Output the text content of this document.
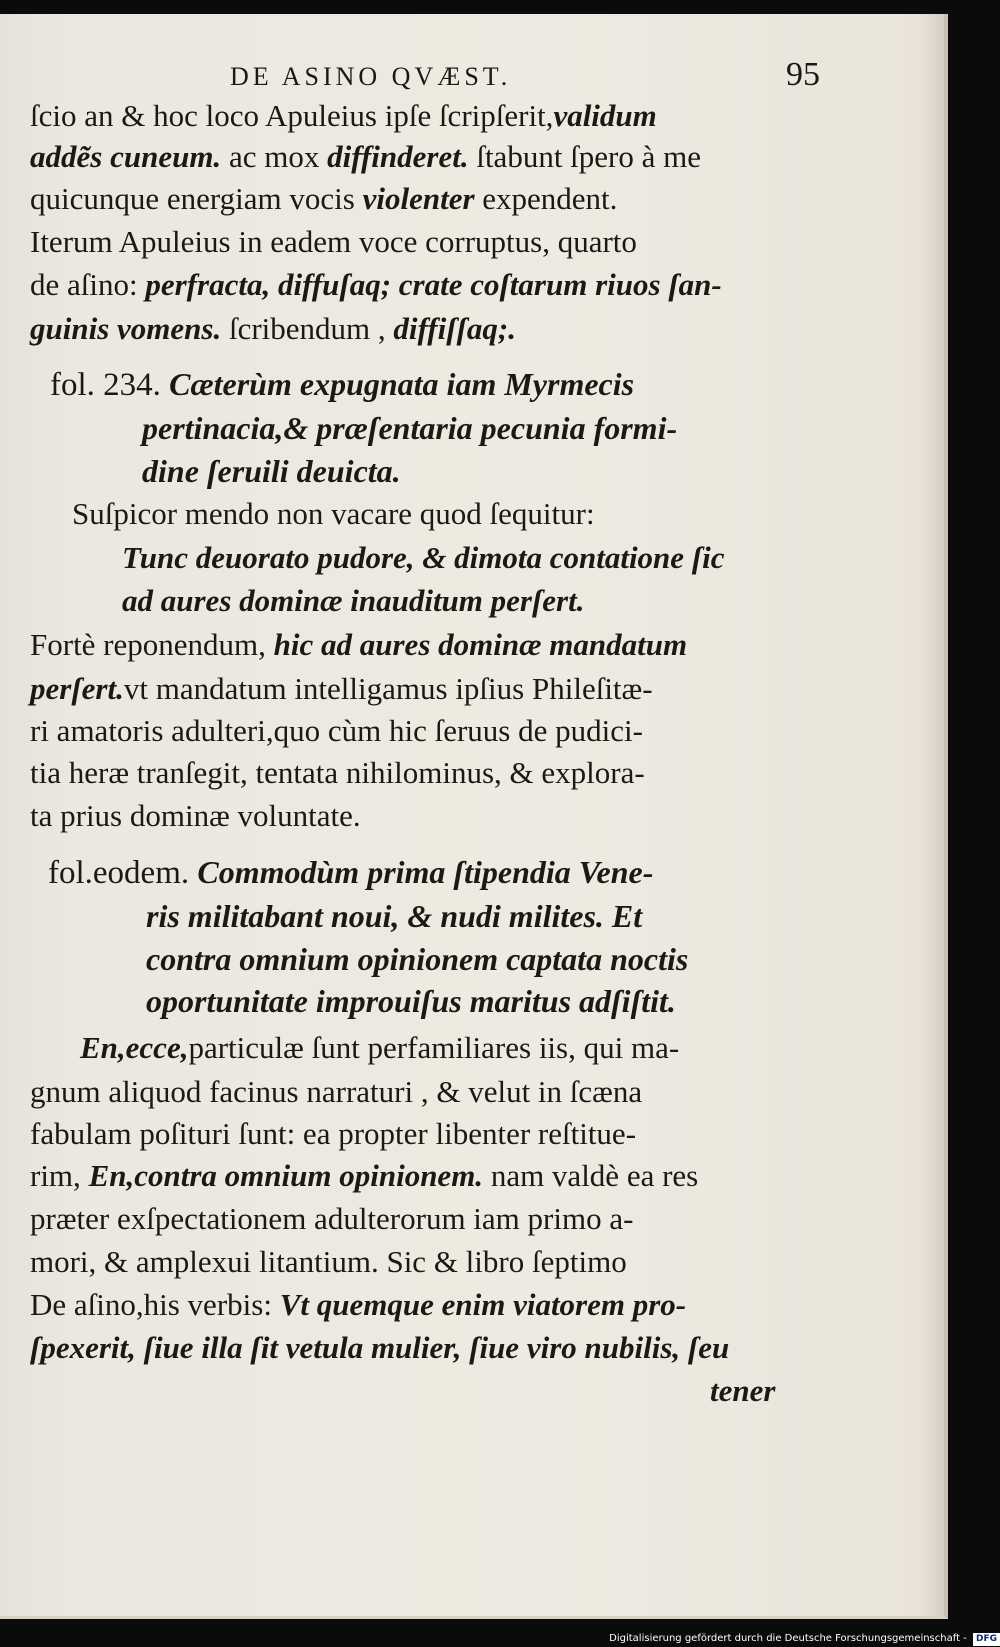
DE ASINO QVÆST.	95
ſcio an & hoc loco Apuleius ipſe ſcripſerit,validum
addẽs cuneum. ac mox diffinderet. ſtabunt ſpero à me
quicunque energiam vocis violenter expendent.
Iterum Apuleius in eadem voce corruptus, quarto
de aſino: perfracta, diffuſaq; crate coſtarum riuos ſan-
guinis vomens. ſcribendum , diffiſſaq;.
fol. 234. Cæterùm expugnata iam Myrmecis
pertinacia,& præſentaria pecunia formi-
dine ſeruili deuicta.
Suſpicor mendo non vacare quod ſequitur:
Tunc deuorato pudore, & dimota contatione ſic
ad aures dominæ inauditum perſert.
Fortè reponendum, hic ad aures dominæ mandatum
perſert.vt mandatum intelligamus ipſius Phileſitæ-
ri amatoris adulteri,quo cùm hic ſeruus de pudici-
tia heræ tranſegit, tentata nihilominus, & explora-
ta prius dominæ voluntate.
fol.eodem. Commodùm prima ſtipendia Vene-
ris militabant noui, & nudi milites. Et
contra omnium opinionem captata noctis
oportunitate improuiſus maritus adſiſtit.
En,ecce,particulæ ſunt perfamiliares iis, qui ma-
gnum aliquod facinus narraturi , & velut in ſcæna
fabulam poſituri ſunt: ea propter libenter reſtitue-
rim, En,contra omnium opinionem. nam valdè ea res
præter exſpectationem adulterorum iam primo a-
mori, & amplexui litantium. Sic & libro ſeptimo
De aſino,his verbis: Vt quemque enim viatorem pro-
ſpexerit, ſiue illa ſit vetula mulier, ſiue viro nubilis, ſeu
tener
Digitalisierung gefördert durch die Deutsche Forschungsgemeinschaft - DFG
